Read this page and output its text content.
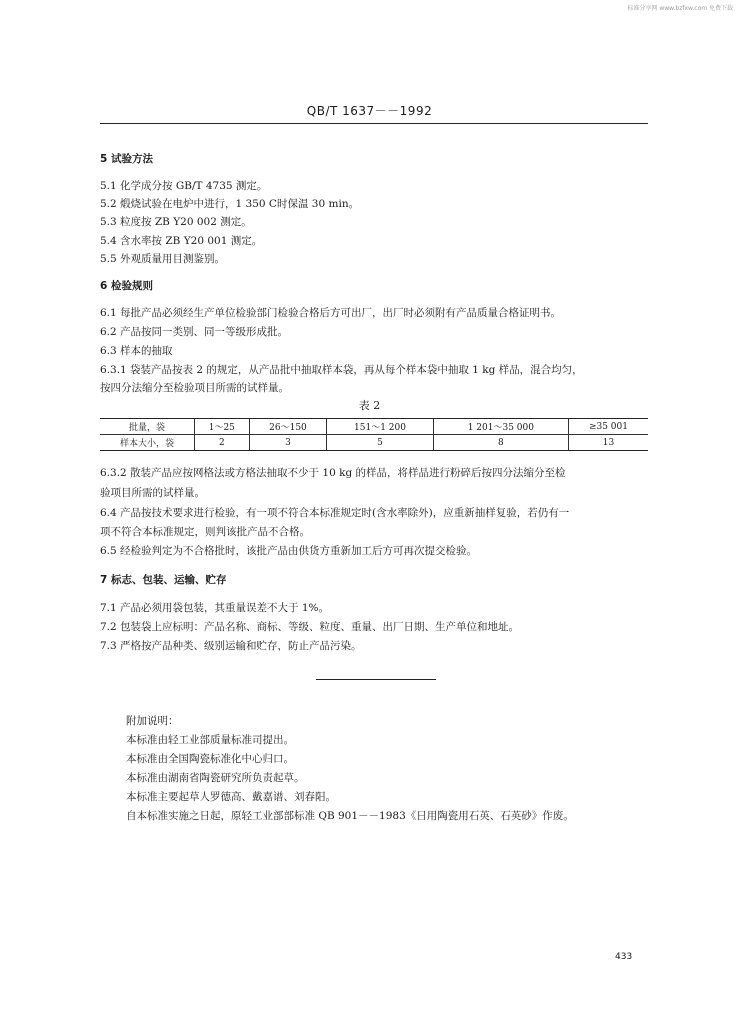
标准分享网 www.bzfxw.com 免费下载
QB/T 1637－－1992
5 试验方法
5.1 化学成分按 GB/T 4735 测定。
5.2 煅烧试验在电炉中进行，1 350 C时保温 30 min。
5.3 粒度按 ZB Y20 002 测定。
5.4 含水率按 ZB Y20 001 测定。
5.5 外观质量用目测鉴别。
6 检验规则
6.1 每批产品必须经生产单位检验部门检验合格后方可出厂，出厂时必须附有产品质量合格证明书。
6.2 产品按同一类别、同一等级形成批。
6.3 样本的抽取
6.3.1 袋装产品按表 2 的规定，从产品批中抽取样本袋，再从每个样本袋中抽取 1 kg 样品，混合均匀，
按四分法缩分至检验项目所需的试样量。
表 2
批量，袋	1～25	26～150	151～1 200	1 201～35 000	≥35 001
样本大小，袋	2	3	5	8	13
6.3.2 散装产品应按网格法或方格法抽取不少于 10 kg 的样品，将样品进行粉碎后按四分法缩分至检
验项目所需的试样量。
6.4 产品按技术要求进行检验，有一项不符合本标准规定时(含水率除外)，应重新抽样复验，若仍有一
项不符合本标准规定，则判该批产品不合格。
6.5 经检验判定为不合格批时，该批产品由供货方重新加工后方可再次提交检验。
7 标志、包装、运输、贮存
7.1 产品必须用袋包装，其重量误差不大于 1%。
7.2 包装袋上应标明：产品名称、商标、等级、粒度、重量、出厂日期、生产单位和地址。
7.3 严格按产品种类、级别运输和贮存，防止产品污染。
附加说明：
本标准由轻工业部质量标准司提出。
本标准由全国陶瓷标准化中心归口。
本标准由湖南省陶瓷研究所负责起草。
本标准主要起草人罗德高、戴嘉谱、刘春阳。
自本标准实施之日起，原轻工业部部标准 QB 901－－1983《日用陶瓷用石英、石英砂》作废。
433
